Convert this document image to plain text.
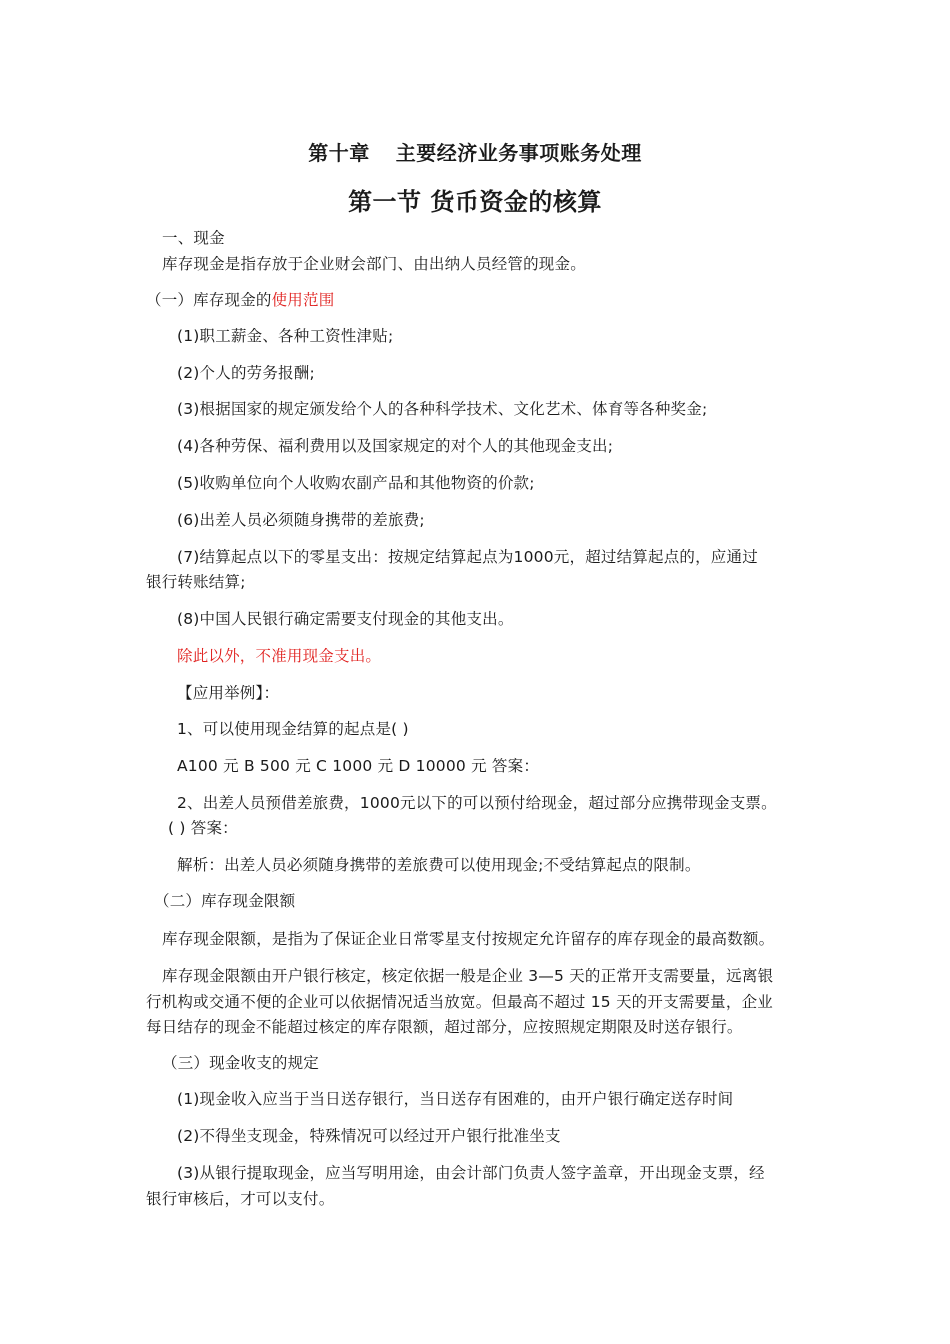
第十章 主要经济业务事项账务处理
第一节 货币资金的核算
一、现金
库存现金是指存放于企业财会部门、由出纳人员经管的现金。
（一）库存现金的使用范围
(1)职工薪金、各种工资性津贴;
(2)个人的劳务报酬;
(3)根据国家的规定颁发给个人的各种科学技术、文化艺术、体育等各种奖金;
(4)各种劳保、福利费用以及国家规定的对个人的其他现金支出;
(5)收购单位向个人收购农副产品和其他物资的价款;
(6)出差人员必须随身携带的差旅费;
(7)结算起点以下的零星支出：按规定结算起点为1000元，超过结算起点的，应通过
银行转账结算;
(8)中国人民银行确定需要支付现金的其他支出。
除此以外，不准用现金支出。
【应用举例】：
1、可以使用现金结算的起点是( )
A100 元 B 500 元 C 1000 元 D 10000 元 答案：
2、出差人员预借差旅费，1000元以下的可以预付给现金，超过部分应携带现金支票。
( ) 答案：
解析：出差人员必须随身携带的差旅费可以使用现金;不受结算起点的限制。
（二）库存现金限额
库存现金限额，是指为了保证企业日常零星支付按规定允许留存的库存现金的最高数额。
库存现金限额由开户银行核定，核定依据一般是企业 3—5 天的正常开支需要量，远离银
行机构或交通不便的企业可以依据情况适当放宽。但最高不超过 15 天的开支需要量，企业
每日结存的现金不能超过核定的库存限额，超过部分，应按照规定期限及时送存银行。
（三）现金收支的规定
(1)现金收入应当于当日送存银行，当日送存有困难的，由开户银行确定送存时间
(2)不得坐支现金，特殊情况可以经过开户银行批准坐支
(3)从银行提取现金，应当写明用途，由会计部门负责人签字盖章，开出现金支票，经
银行审核后，才可以支付。
